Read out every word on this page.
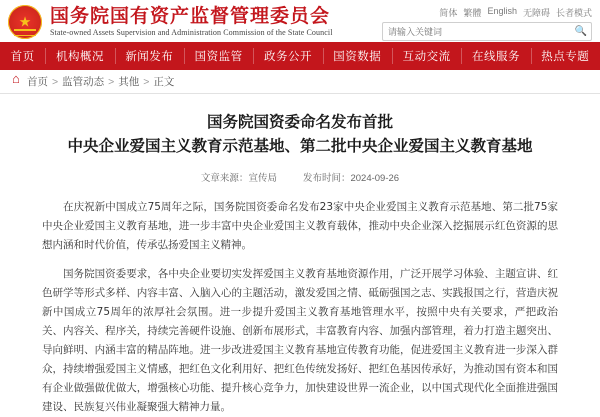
★
国务院国有资产监督管理委员会
State-owned Assets Supervision and Administration Commission of the State Council
简体 繁體 English 无障碍 长者模式
请输入关键词
🔍
首页	机构概况	新闻发布	国资监管	政务公开	国资数据	互动交流	在线服务	热点专题
⌂
首页 > 监管动态 > 其他 > 正文
国务院国资委命名发布首批
中央企业爱国主义教育示范基地、第二批中央企业爱国主义教育基地
文章来源：宣传局	发布时间：2024-09-26

在庆祝新中国成立75周年之际，国务院国资委命名发布23家中央企业爱国主义教育示范基地、第二批75家中央企业爱国主义教育基地，进一步丰富中央企业爱国主义教育载体，推动中央企业深入挖掘展示红色资源的思想内涵和时代价值，传承弘扬爱国主义精神。

国务院国资委要求，各中央企业要切实发挥爱国主义教育基地资源作用，广泛开展学习体验、主题宣讲、红色研学等形式多样、内容丰富、入脑入心的主题活动，激发爱国之情、砥砺强国之志、实践报国之行，营造庆祝新中国成立75周年的浓厚社会氛围。进一步提升爱国主义教育基地管理水平，按照中央有关要求，严把政治关、内容关、程序关，持续完善硬件设施、创新布展形式，丰富教育内容、加强内部管理，着力打造主题突出、导向鲜明、内涵丰富的精品阵地。进一步改进爱国主义教育基地宣传教育功能，促进爱国主义教育进一步深入群众，持续增强爱国主义情感，把红色文化利用好、把红色传统发扬好、把红色基因传承好，为推动国有资本和国有企业做强做优做大，增强核心功能、提升核心竞争力，加快建设世界一流企业，以中国式现代化全面推进强国建设、民族复兴伟业凝聚强大精神力量。
